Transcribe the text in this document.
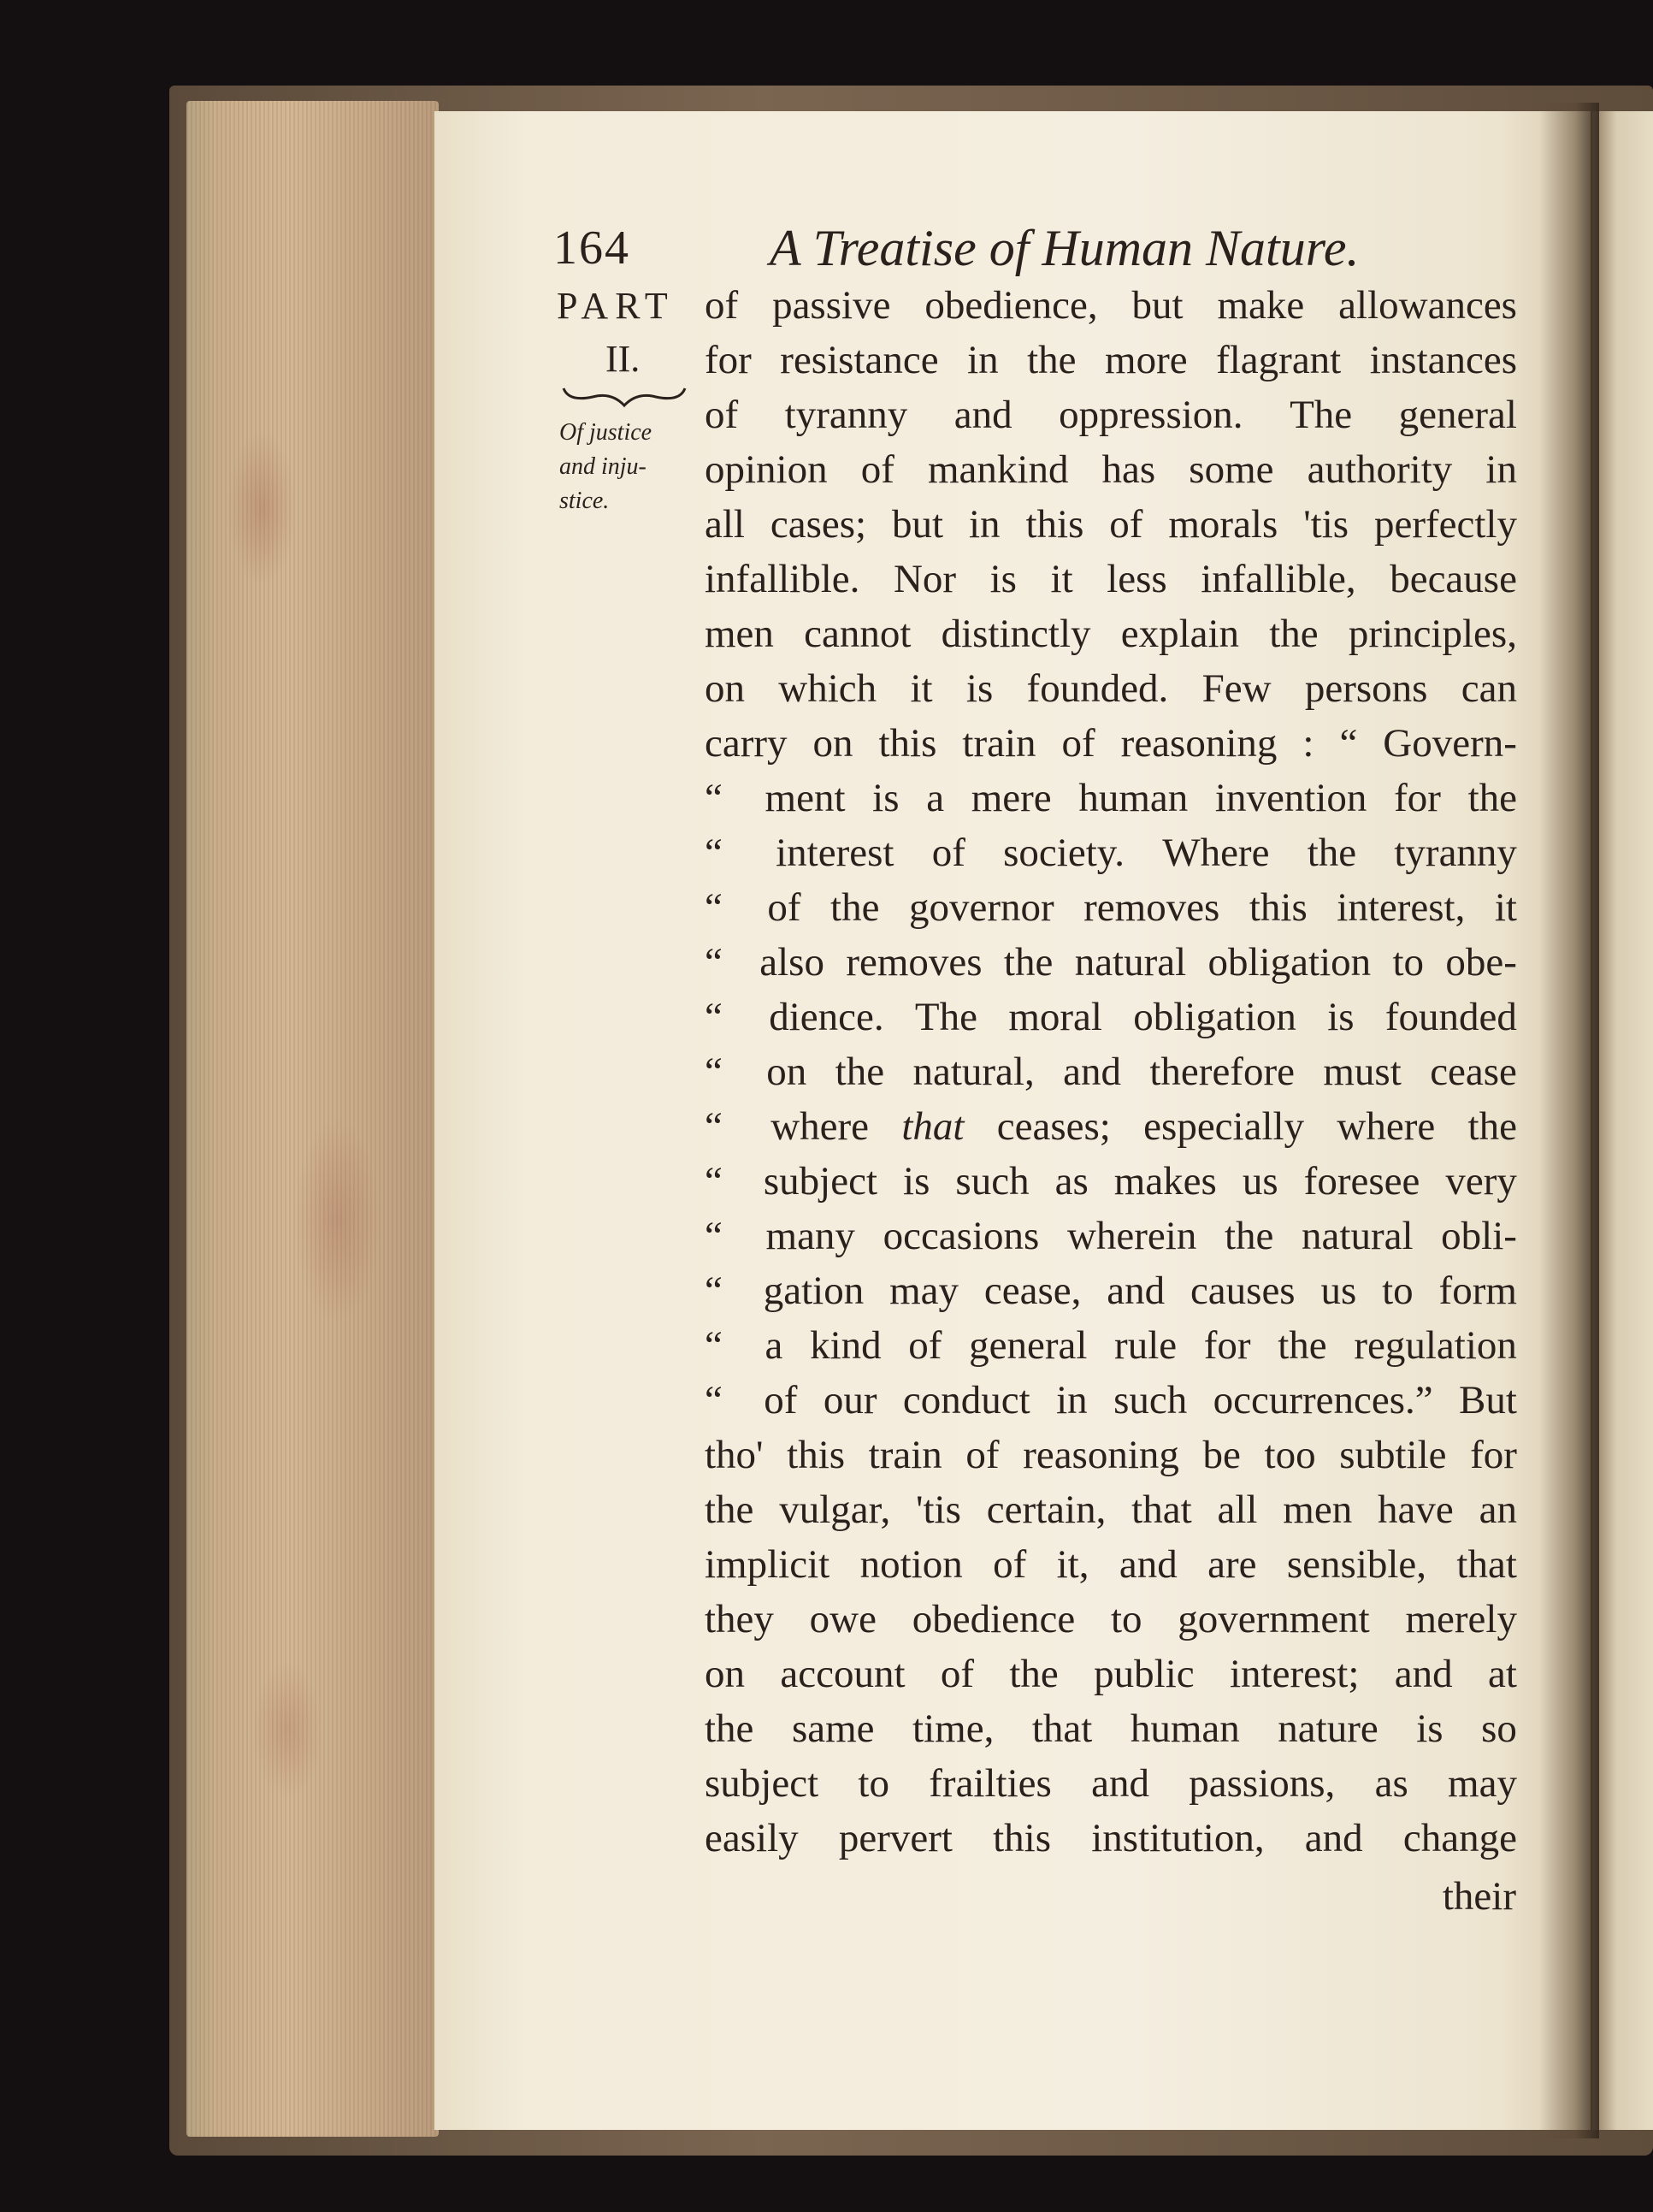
164	A Treatise of Human Nature.
PART
II.
Of justice
and inju-
stice.
of passive obedience, but make allowances
for resistance in the more flagrant instances
of tyranny and oppression. The general
opinion of mankind has some authority in
all cases; but in this of morals 'tis perfectly
infallible. Nor is it less infallible, because
men cannot distinctly explain the principles,
on which it is founded. Few persons can
carry on this train of reasoning : “ Govern-
“ ment is a mere human invention for the
“ interest of society. Where the tyranny
“ of the governor removes this interest, it
“ also removes the natural obligation to obe-
“ dience. The moral obligation is founded
“ on the natural, and therefore must cease
“ where that ceases; especially where the
“ subject is such as makes us foresee very
“ many occasions wherein the natural obli-
“ gation may cease, and causes us to form
“ a kind of general rule for the regulation
“ of our conduct in such occurrences.” But
tho' this train of reasoning be too subtile for
the vulgar, 'tis certain, that all men have an
implicit notion of it, and are sensible, that
they owe obedience to government merely
on account of the public interest; and at
the same time, that human nature is so
subject to frailties and passions, as may
easily pervert this institution, and change
their
